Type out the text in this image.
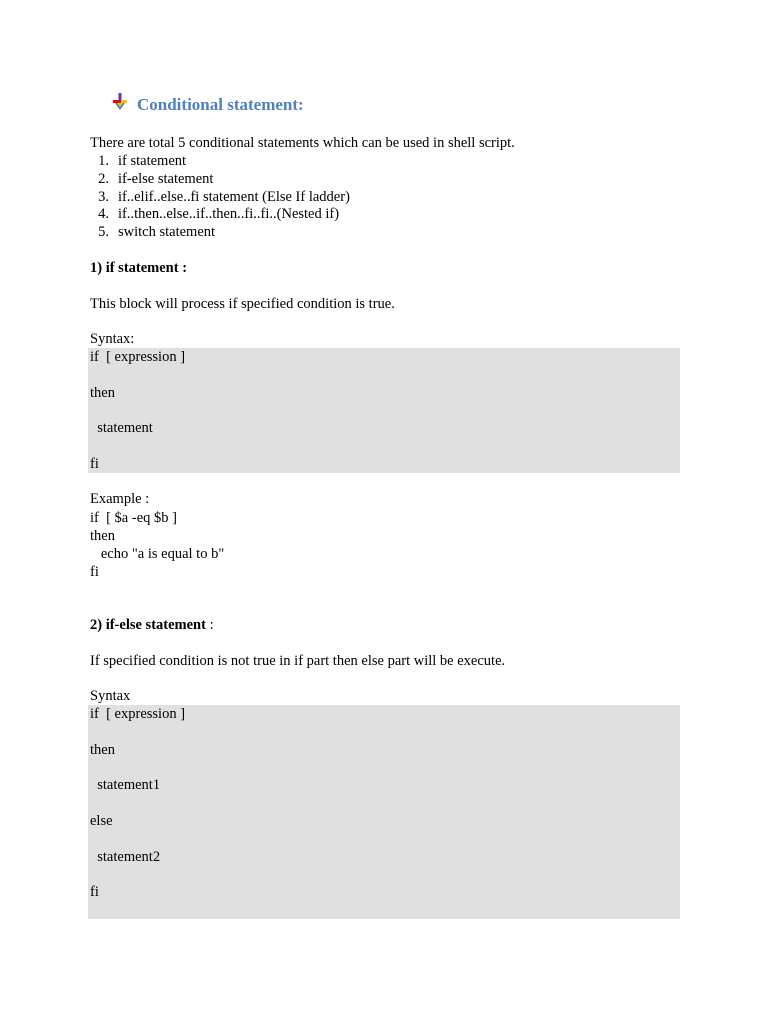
Conditional statement:
There are total 5 conditional statements which can be used in shell script.
1. if statement
2. if-else statement
3. if..elif..else..fi statement (Else If ladder)
4. if..then..else..if..then..fi..fi..(Nested if)
5. switch statement
1) if statement :
This block will process if specified condition is true.
Syntax:
if  [ expression ]
then
statement
fi
Example :
if  [ $a -eq $b ]
then
echo "a is equal to b"
fi
2) if-else statement :
If specified condition is not true in if part then else part will be execute.
Syntax
if  [ expression ]
then
statement1
else
statement2
fi
